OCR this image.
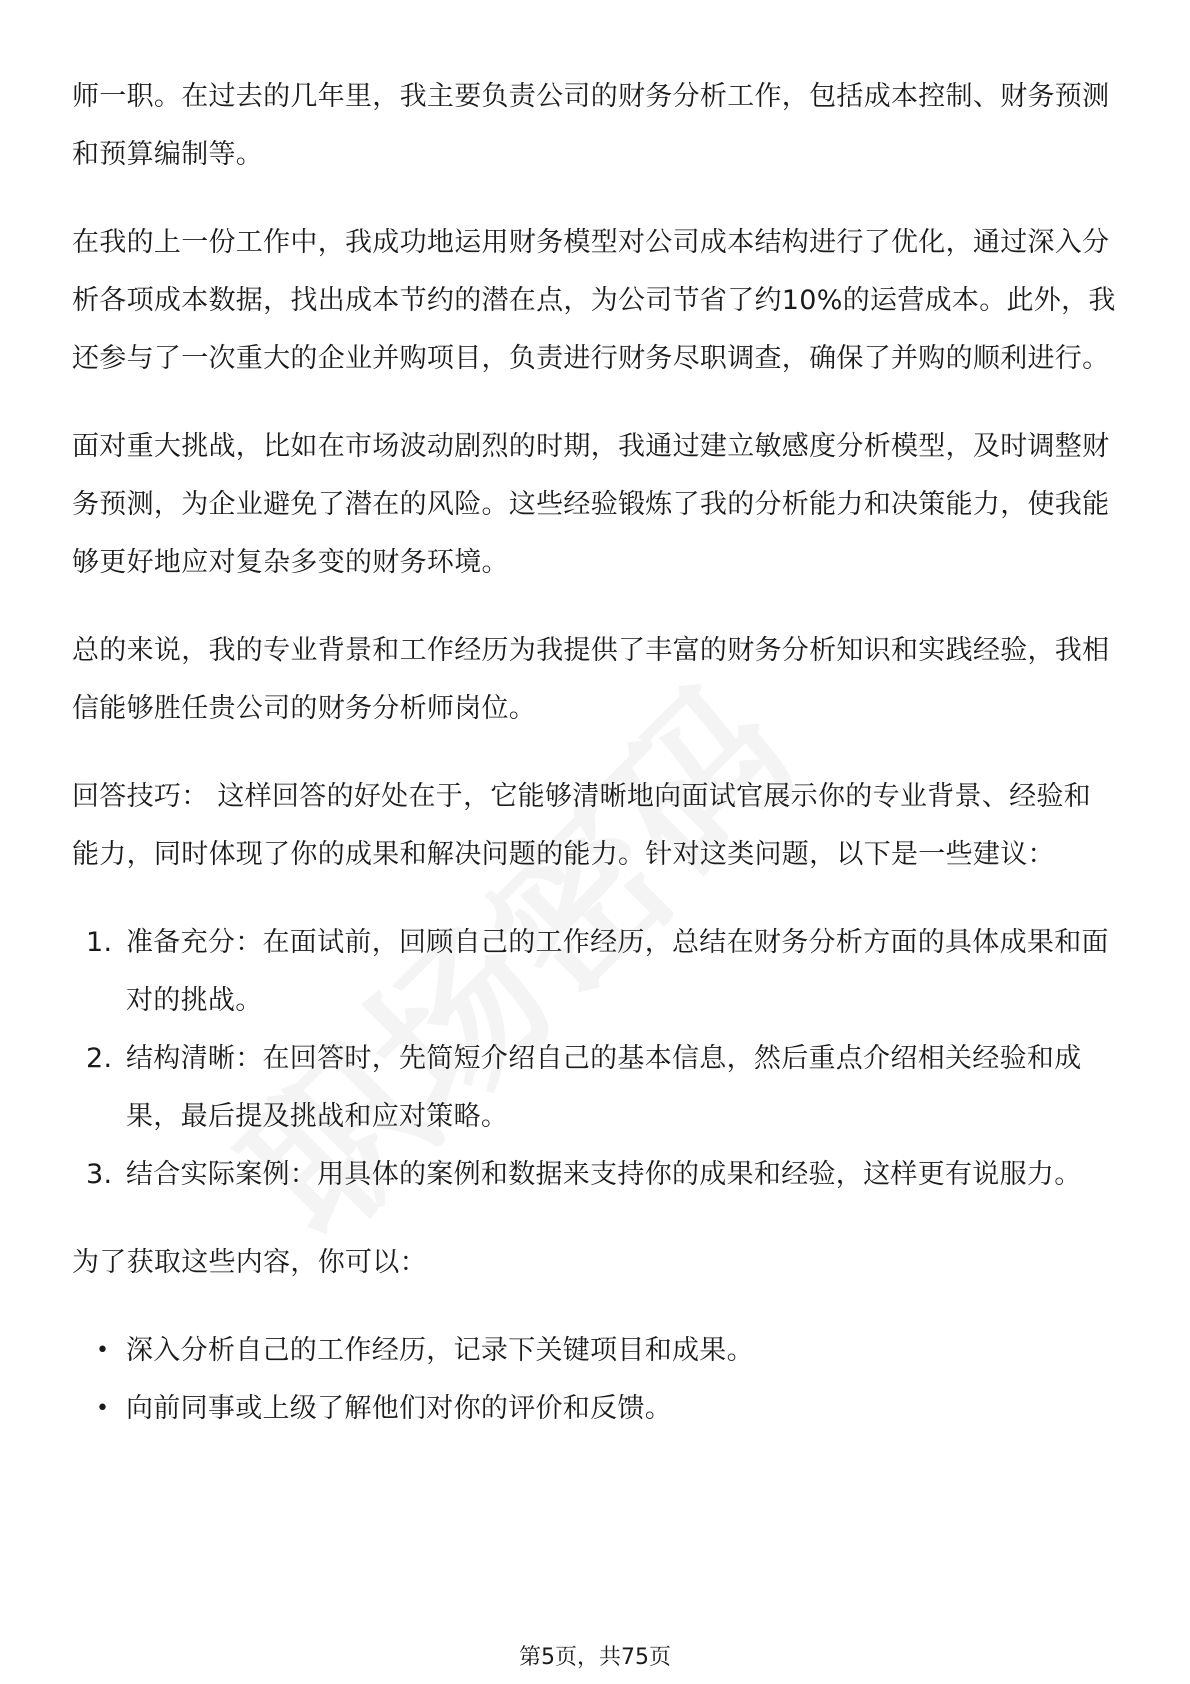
师一职。在过去的几年里，我主要负责公司的财务分析工作，包括成本控制、财务预测和预算编制等。

在我的上一份工作中，我成功地运用财务模型对公司成本结构进行了优化，通过深入分析各项成本数据，找出成本节约的潜在点，为公司节省了约10%的运营成本。此外，我还参与了一次重大的企业并购项目，负责进行财务尽职调查，确保了并购的顺利进行。

面对重大挑战，比如在市场波动剧烈的时期，我通过建立敏感度分析模型，及时调整财务预测，为企业避免了潜在的风险。这些经验锻炼了我的分析能力和决策能力，使我能够更好地应对复杂多变的财务环境。

总的来说，我的专业背景和工作经历为我提供了丰富的财务分析知识和实践经验，我相信能够胜任贵公司的财务分析师岗位。

回答技巧： 这样回答的好处在于，它能够清晰地向面试官展示你的专业背景、经验和能力，同时体现了你的成果和解决问题的能力。针对这类问题，以下是一些建议：

1. 准备充分：在面试前，回顾自己的工作经历，总结在财务分析方面的具体成果和面对的挑战。
2. 结构清晰：在回答时，先简短介绍自己的基本信息，然后重点介绍相关经验和成果，最后提及挑战和应对策略。
3. 结合实际案例：用具体的案例和数据来支持你的成果和经验，这样更有说服力。

为了获取这些内容，你可以：

• 深入分析自己的工作经历，记录下关键项目和成果。
• 向前同事或上级了解他们对你的评价和反馈。
第5页，共75页
